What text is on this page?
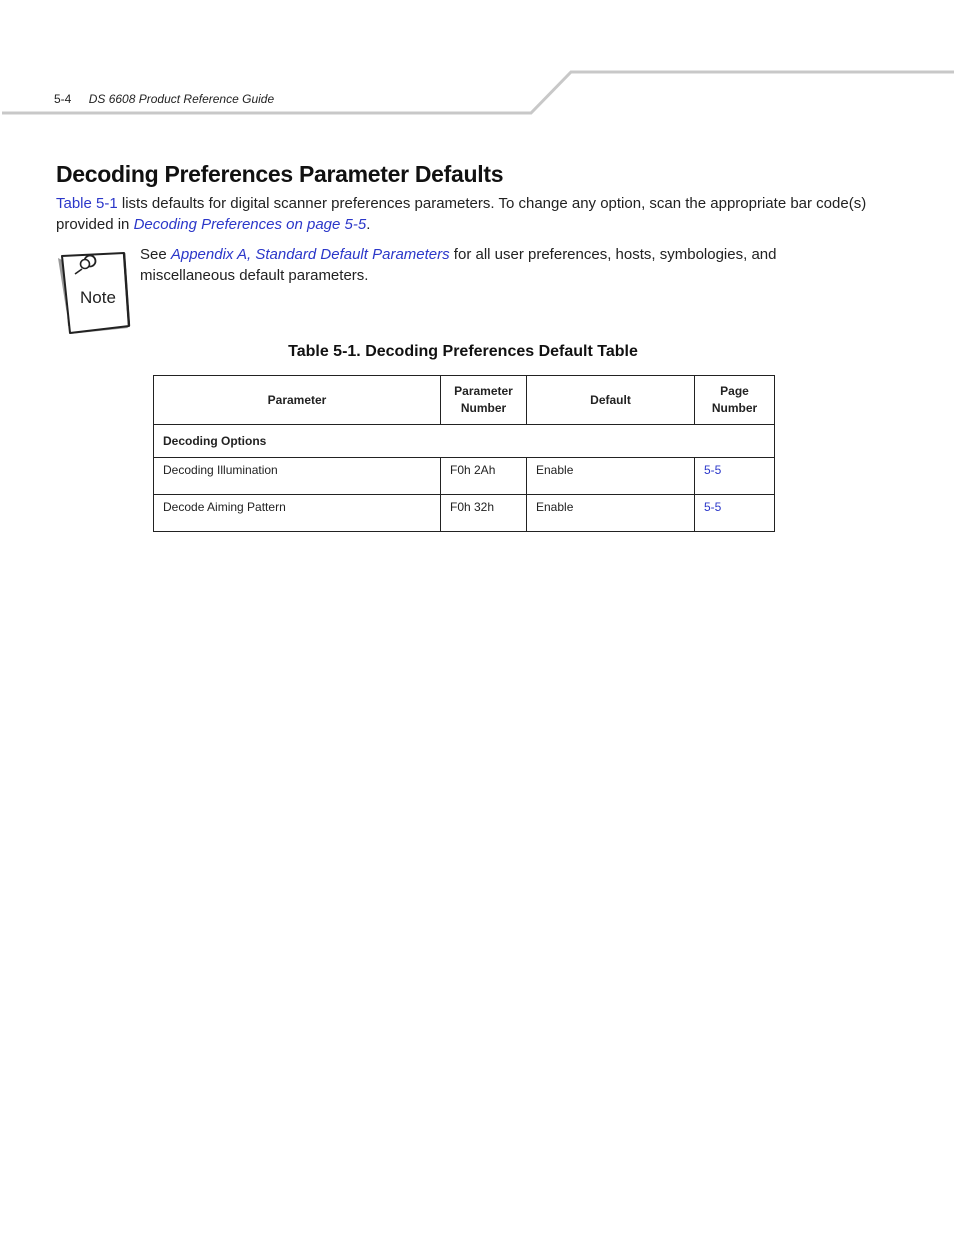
5-4 DS 6608 Product Reference Guide
Decoding Preferences Parameter Defaults

Table 5-1 lists defaults for digital scanner preferences parameters. To change any option, scan the appropriate bar code(s) provided in Decoding Preferences on page 5-5.

Note

See Appendix A, Standard Default Parameters for all user preferences, hosts, symbologies, and miscellaneous default parameters.

Table 5-1. Decoding Preferences Default Table

Parameter	Parameter Number	Default	Page Number
Decoding Options			
Decoding Illumination	F0h 2Ah	Enable	5-5
Decode Aiming Pattern	F0h 32h	Enable	5-5
